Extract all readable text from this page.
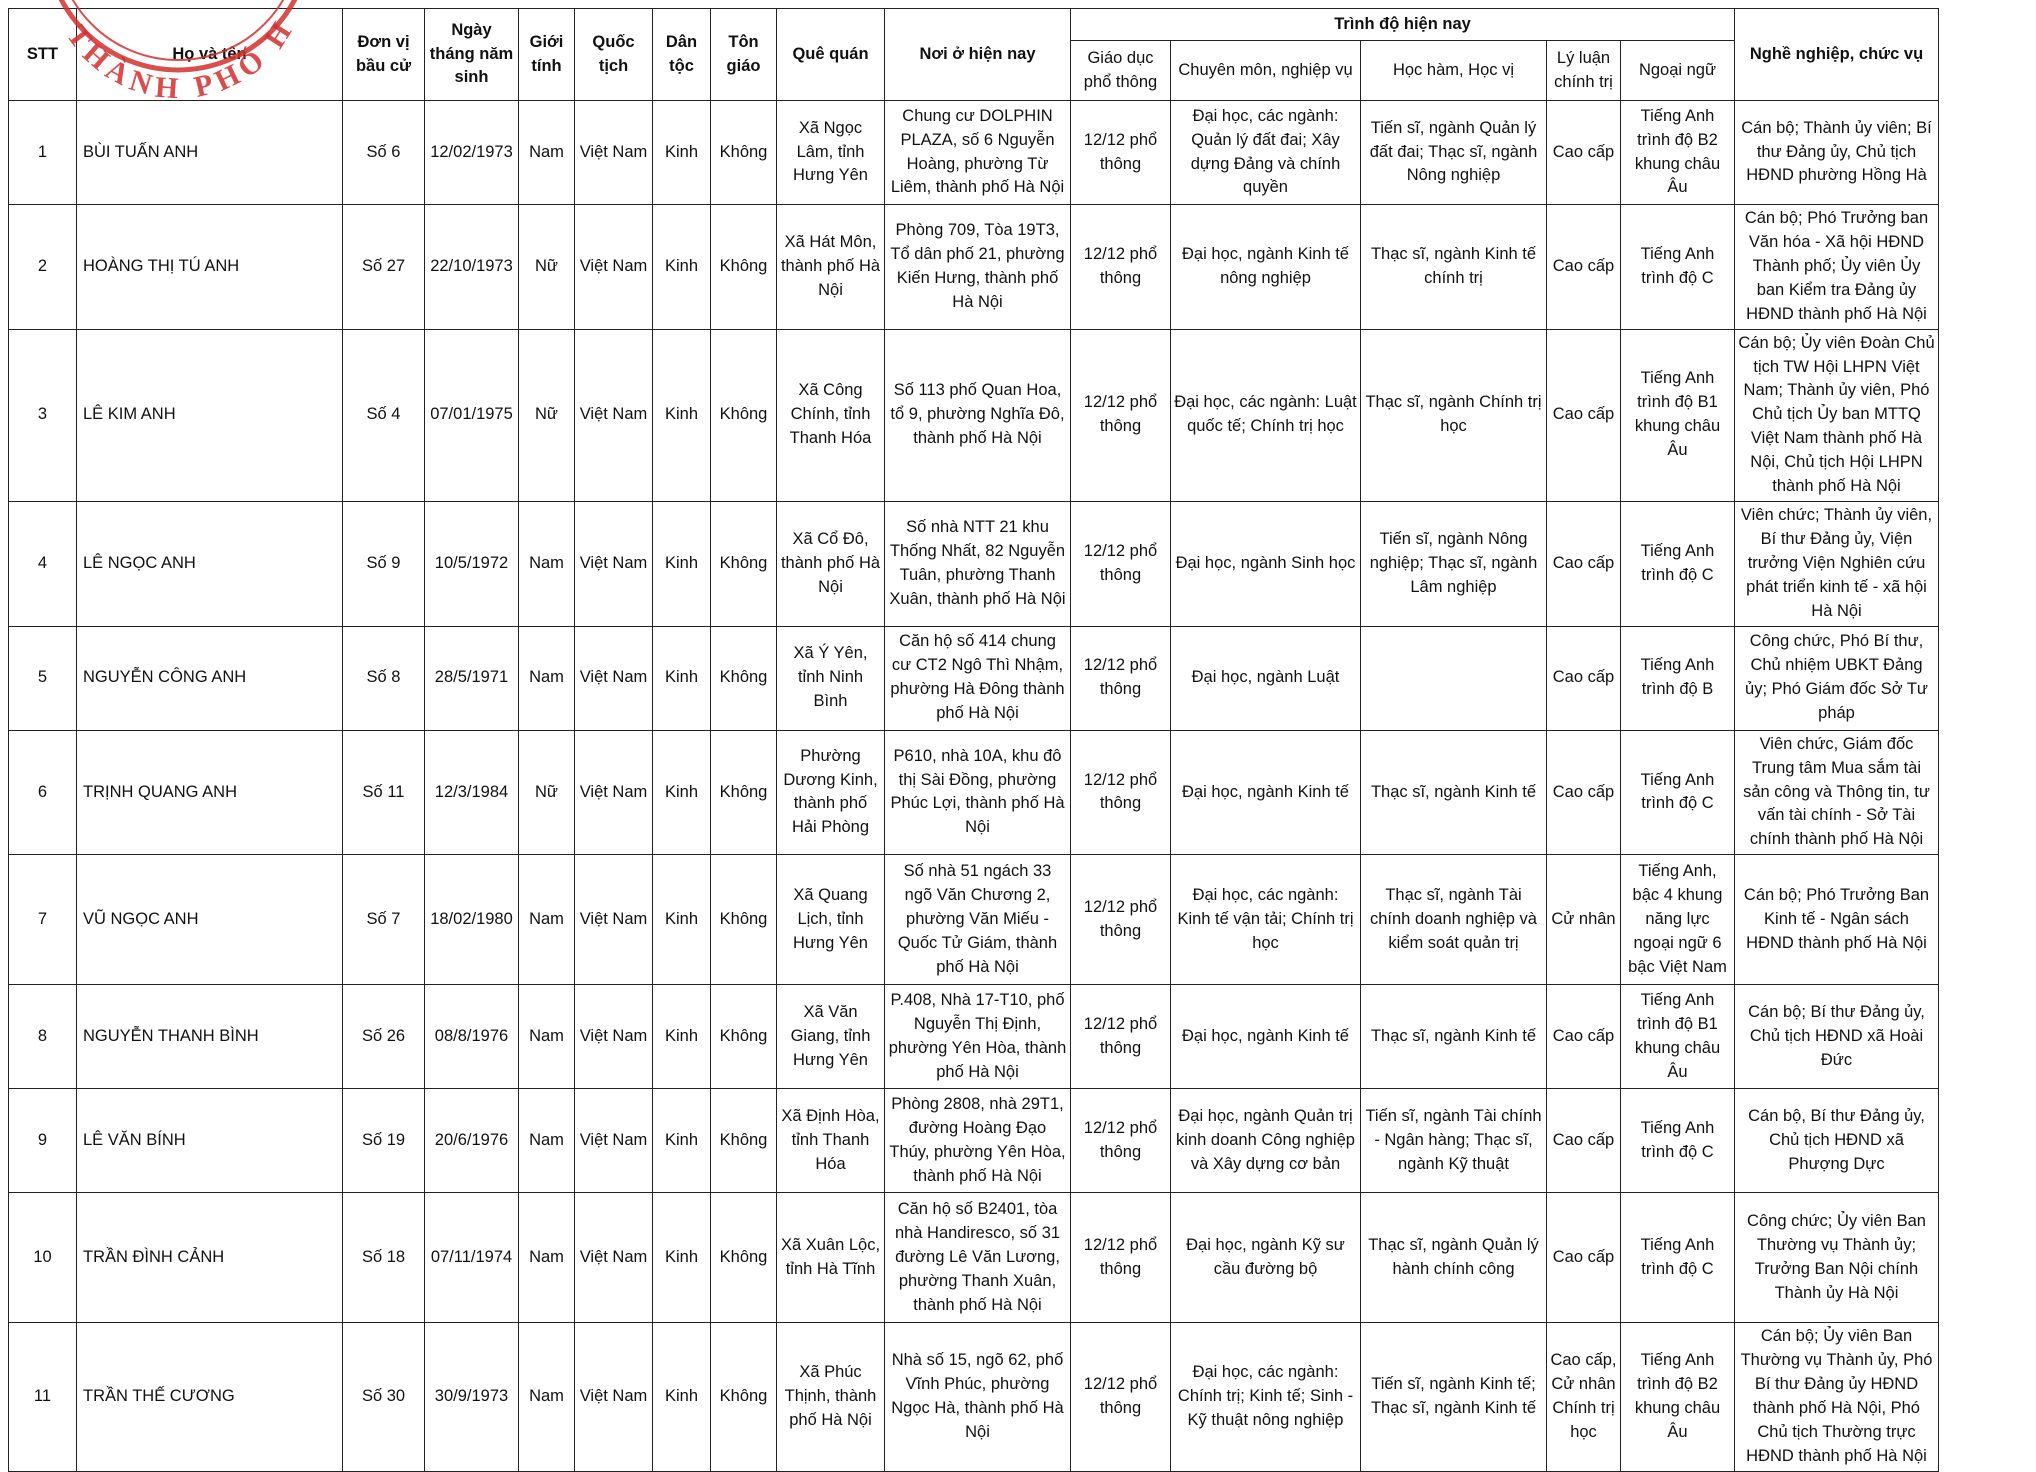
STT	Họ và tên	Đơn vị bầu cử	Ngày tháng năm sinh	Giới tính	Quốc tịch	Dân tộc	Tôn giáo	Quê quán	Nơi ở hiện nay	Trình độ hiện nay					Nghề nghiệp, chức vụ
										Giáo dục phổ thông	Chuyên môn, nghiệp vụ	Học hàm, Học vị	Lý luận chính trị	Ngoại ngữ	
1	BÙI TUẤN ANH	Số 6	12/02/1973	Nam	Việt Nam	Kinh	Không	Xã Ngọc Lâm, tỉnh Hưng Yên	Chung cư DOLPHIN PLAZA, số 6 Nguyễn Hoàng, phường Từ Liêm, thành phố Hà Nội	12/12 phổ thông	Đại học, các ngành: Quản lý đất đai; Xây dựng Đảng và chính quyền	Tiến sĩ, ngành Quản lý đất đai; Thạc sĩ, ngành Nông nghiệp	Cao cấp	Tiếng Anh trình độ B2 khung châu Âu	Cán bộ; Thành ủy viên; Bí thư Đảng ủy, Chủ tịch HĐND phường Hồng Hà
2	HOÀNG THỊ TÚ ANH	Số 27	22/10/1973	Nữ	Việt Nam	Kinh	Không	Xã Hát Môn, thành phố Hà Nội	Phòng 709, Tòa 19T3, Tổ dân phố 21, phường Kiến Hưng, thành phố Hà Nội	12/12 phổ thông	Đại học, ngành Kinh tế nông nghiệp	Thạc sĩ, ngành Kinh tế chính trị	Cao cấp	Tiếng Anh trình độ C	Cán bộ; Phó Trưởng ban Văn hóa - Xã hội HĐND Thành phố; Ủy viên Ủy ban Kiểm tra Đảng ủy HĐND thành phố Hà Nội
3	LÊ KIM ANH	Số 4	07/01/1975	Nữ	Việt Nam	Kinh	Không	Xã Công Chính, tỉnh Thanh Hóa	Số 113 phố Quan Hoa, tổ 9, phường Nghĩa Đô, thành phố Hà Nội	12/12 phổ thông	Đại học, các ngành: Luật quốc tế; Chính trị học	Thạc sĩ, ngành Chính trị học	Cao cấp	Tiếng Anh trình độ B1 khung châu Âu	Cán bộ; Ủy viên Đoàn Chủ tịch TW Hội LHPN Việt Nam; Thành ủy viên, Phó Chủ tịch Ủy ban MTTQ Việt Nam thành phố Hà Nội, Chủ tịch Hội LHPN thành phố Hà Nội
4	LÊ NGỌC ANH	Số 9	10/5/1972	Nam	Việt Nam	Kinh	Không	Xã Cổ Đô, thành phố Hà Nội	Số nhà NTT 21 khu Thống Nhất, 82 Nguyễn Tuân, phường Thanh Xuân, thành phố Hà Nội	12/12 phổ thông	Đại học, ngành Sinh học	Tiến sĩ, ngành Nông nghiệp; Thạc sĩ, ngành Lâm nghiệp	Cao cấp	Tiếng Anh trình độ C	Viên chức; Thành ủy viên, Bí thư Đảng ủy, Viện trưởng Viện Nghiên cứu phát triển kinh tế - xã hội Hà Nội
5	NGUYỄN CÔNG ANH	Số 8	28/5/1971	Nam	Việt Nam	Kinh	Không	Xã Ý Yên, tỉnh Ninh Bình	Căn hộ số 414 chung cư CT2 Ngô Thì Nhậm, phường Hà Đông thành phố Hà Nội	12/12 phổ thông	Đại học, ngành Luật		Cao cấp	Tiếng Anh trình độ B	Công chức, Phó Bí thư, Chủ nhiệm UBKT Đảng ủy; Phó Giám đốc Sở Tư pháp
6	TRỊNH QUANG ANH	Số 11	12/3/1984	Nữ	Việt Nam	Kinh	Không	Phường Dương Kinh, thành phố Hải Phòng	P610, nhà 10A, khu đô thị Sài Đồng, phường Phúc Lợi, thành phố Hà Nội	12/12 phổ thông	Đại học, ngành Kinh tế	Thạc sĩ, ngành Kinh tế	Cao cấp	Tiếng Anh trình độ C	Viên chức, Giám đốc Trung tâm Mua sắm tài sản công và Thông tin, tư vấn tài chính - Sở Tài chính thành phố Hà Nội
7	VŨ NGỌC ANH	Số 7	18/02/1980	Nam	Việt Nam	Kinh	Không	Xã Quang Lịch, tỉnh Hưng Yên	Số nhà 51 ngách 33 ngõ Văn Chương 2, phường Văn Miếu - Quốc Tử Giám, thành phố Hà Nội	12/12 phổ thông	Đại học, các ngành: Kinh tế vận tải; Chính trị học	Thạc sĩ, ngành Tài chính doanh nghiệp và kiểm soát quản trị	Cử nhân	Tiếng Anh, bậc 4 khung năng lực ngoại ngữ 6 bậc Việt Nam	Cán bộ; Phó Trưởng Ban Kinh tế - Ngân sách HĐND thành phố Hà Nội
8	NGUYỄN THANH BÌNH	Số 26	08/8/1976	Nam	Việt Nam	Kinh	Không	Xã Văn Giang, tỉnh Hưng Yên	P.408, Nhà 17-T10, phố Nguyễn Thị Định, phường Yên Hòa, thành phố Hà Nội	12/12 phổ thông	Đại học, ngành Kinh tế	Thạc sĩ, ngành Kinh tế	Cao cấp	Tiếng Anh trình độ B1 khung châu Âu	Cán bộ; Bí thư Đảng ủy, Chủ tịch HĐND xã Hoài Đức
9	LÊ VĂN BÍNH	Số 19	20/6/1976	Nam	Việt Nam	Kinh	Không	Xã Định Hòa, tỉnh Thanh Hóa	Phòng 2808, nhà 29T1, đường Hoàng Đạo Thúy, phường Yên Hòa, thành phố Hà Nội	12/12 phổ thông	Đại học, ngành Quản trị kinh doanh Công nghiệp và Xây dựng cơ bản	Tiến sĩ, ngành Tài chính - Ngân hàng; Thạc sĩ, ngành Kỹ thuật	Cao cấp	Tiếng Anh trình độ C	Cán bộ, Bí thư Đảng ủy, Chủ tịch HĐND xã Phượng Dực
10	TRẦN ĐÌNH CẢNH	Số 18	07/11/1974	Nam	Việt Nam	Kinh	Không	Xã Xuân Lộc, tỉnh Hà Tĩnh	Căn hộ số B2401, tòa nhà Handiresco, số 31 đường Lê Văn Lương, phường Thanh Xuân, thành phố Hà Nội	12/12 phổ thông	Đại học, ngành Kỹ sư cầu đường bộ	Thạc sĩ, ngành Quản lý hành chính công	Cao cấp	Tiếng Anh trình độ C	Công chức; Ủy viên Ban Thường vụ Thành ủy; Trưởng Ban Nội chính Thành ủy Hà Nội
11	TRẦN THẾ CƯƠNG	Số 30	30/9/1973	Nam	Việt Nam	Kinh	Không	Xã Phúc Thịnh, thành phố Hà Nội	Nhà số 15, ngõ 62, phố Vĩnh Phúc, phường Ngọc Hà, thành phố Hà Nội	12/12 phổ thông	Đại học, các ngành: Chính trị; Kinh tế; Sinh - Kỹ thuật nông nghiệp	Tiến sĩ, ngành Kinh tế; Thạc sĩ, ngành Kinh tế	Cao cấp, Cử nhân Chính trị học	Tiếng Anh trình độ B2 khung châu Âu	Cán bộ; Ủy viên Ban Thường vụ Thành ủy, Phó Bí thư Đảng ủy HĐND thành phố Hà Nội, Phó Chủ tịch Thường trực HĐND thành phố Hà Nội
THÀNH PHỐ H
